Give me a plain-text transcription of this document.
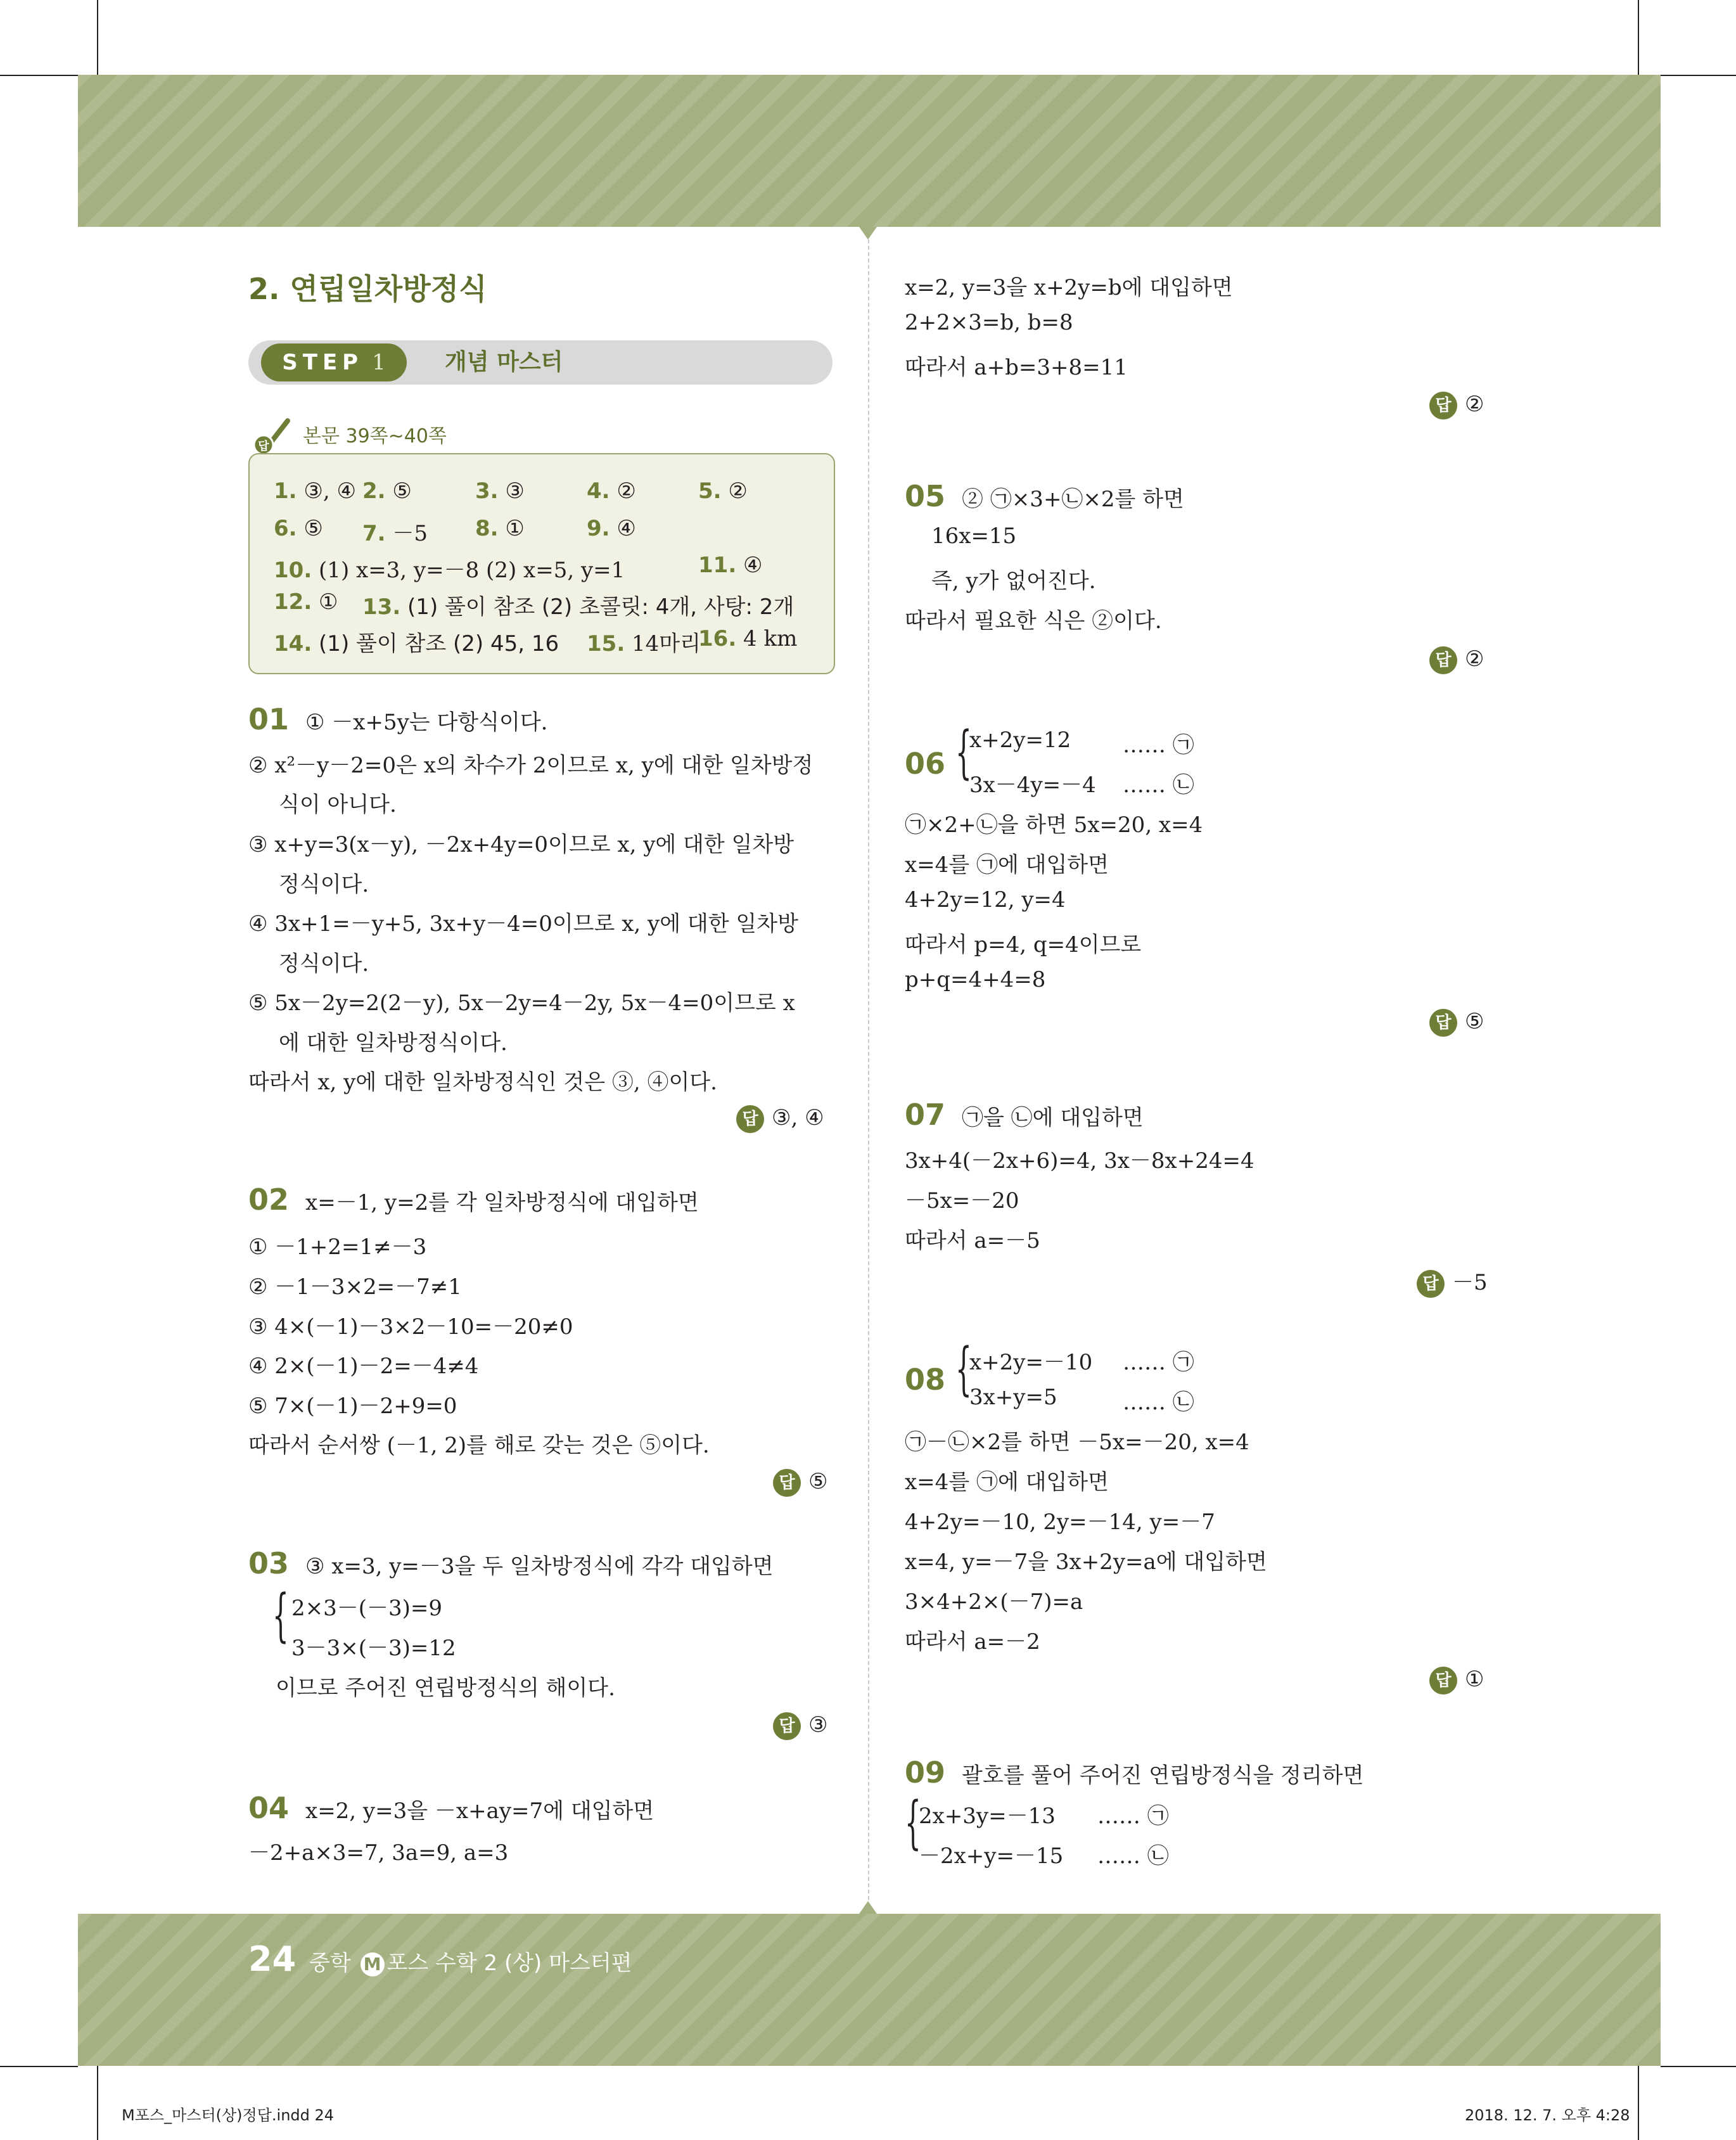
2. 연립일차방정식
STEP 1	개념 마스터
답 본문 39쪽~40쪽
1. ③, ④ 2. ⑤	3. ③	4. ②	5. ②
6. ⑤ 7. －5 8. ①	9. ④
10. (1) x=3, y=－8 (2) x=5, y=1	11. ④
12. ① 13. (1) 풀이 참조 (2) 초콜릿: 4개, 사탕: 2개
14. (1) 풀이 참조 (2) 45, 16 15. 14마리
16. 4 km
01 ① －x+5y는 다항식이다.
② x²－y－2=0은 x의 차수가 2이므로 x, y에 대한 일차방정
식이 아니다.
③ x+y=3(x－y), －2x+4y=0이므로 x, y에 대한 일차방
정식이다.
④ 3x+1=－y+5, 3x+y－4=0이므로 x, y에 대한 일차방
정식이다.
⑤ 5x－2y=2(2－y), 5x－2y=4－2y, 5x－4=0이므로 x
에 대한 일차방정식이다.
따라서 x, y에 대한 일차방정식인 것은 ③, ④이다.
답 ③, ④
02 x=－1, y=2를 각 일차방정식에 대입하면
① －1+2=1≠－3
② －1－3×2=－7≠1
③ 4×(－1)－3×2－10=－20≠0
④ 2×(－1)－2=－4≠4
⑤ 7×(－1)－2+9=0
따라서 순서쌍 (－1, 2)를 해로 갖는 것은 ⑤이다.
답 ⑤
03 ③ x=3, y=－3을 두 일차방정식에 각각 대입하면
{ 2×3－(－3)=9
3－3×(－3)=12
이므로 주어진 연립방정식의 해이다.
답 ③
04 x=2, y=3을 －x+ay=7에 대입하면
－2+a×3=7, 3a=9, a=3
x=2, y=3을 x+2y=b에 대입하면
2+2×3=b, b=8
따라서 a+b=3+8=11
답 ②
05 ② ㉠×3+㉡×2를 하면
16x=15
즉, y가 없어진다.
따라서 필요한 식은 ②이다.
답 ②
06 {
x+2y=12 …… ㉠
3x－4y=－4 …… ㉡
㉠×2+㉡을 하면 5x=20, x=4
x=4를 ㉠에 대입하면
4+2y=12, y=4
따라서 p=4, q=4이므로
p+q=4+4=8
답 ⑤
07 ㉠을 ㉡에 대입하면
3x+4(－2x+6)=4, 3x－8x+24=4
－5x=－20
따라서 a=－5
답 －5
08 {
x+2y=－10 …… ㉠
3x+y=5	…… ㉡
㉠－㉡×2를 하면 －5x=－20, x=4
x=4를 ㉠에 대입하면
4+2y=－10, 2y=－14, y=－7
x=4, y=－7을 3x+2y=a에 대입하면
3×4+2×(－7)=a
따라서 a=－2
답 ①
09 괄호를 풀어 주어진 연립방정식을 정리하면
{
2x+3y=－13 …… ㉠
－2x+y=－15 …… ㉡
24 중학 M 포스 수학 2 (상) 마스터편
M포스_마스터(상)정답.indd 24	2018. 12. 7. 오후 4:28
